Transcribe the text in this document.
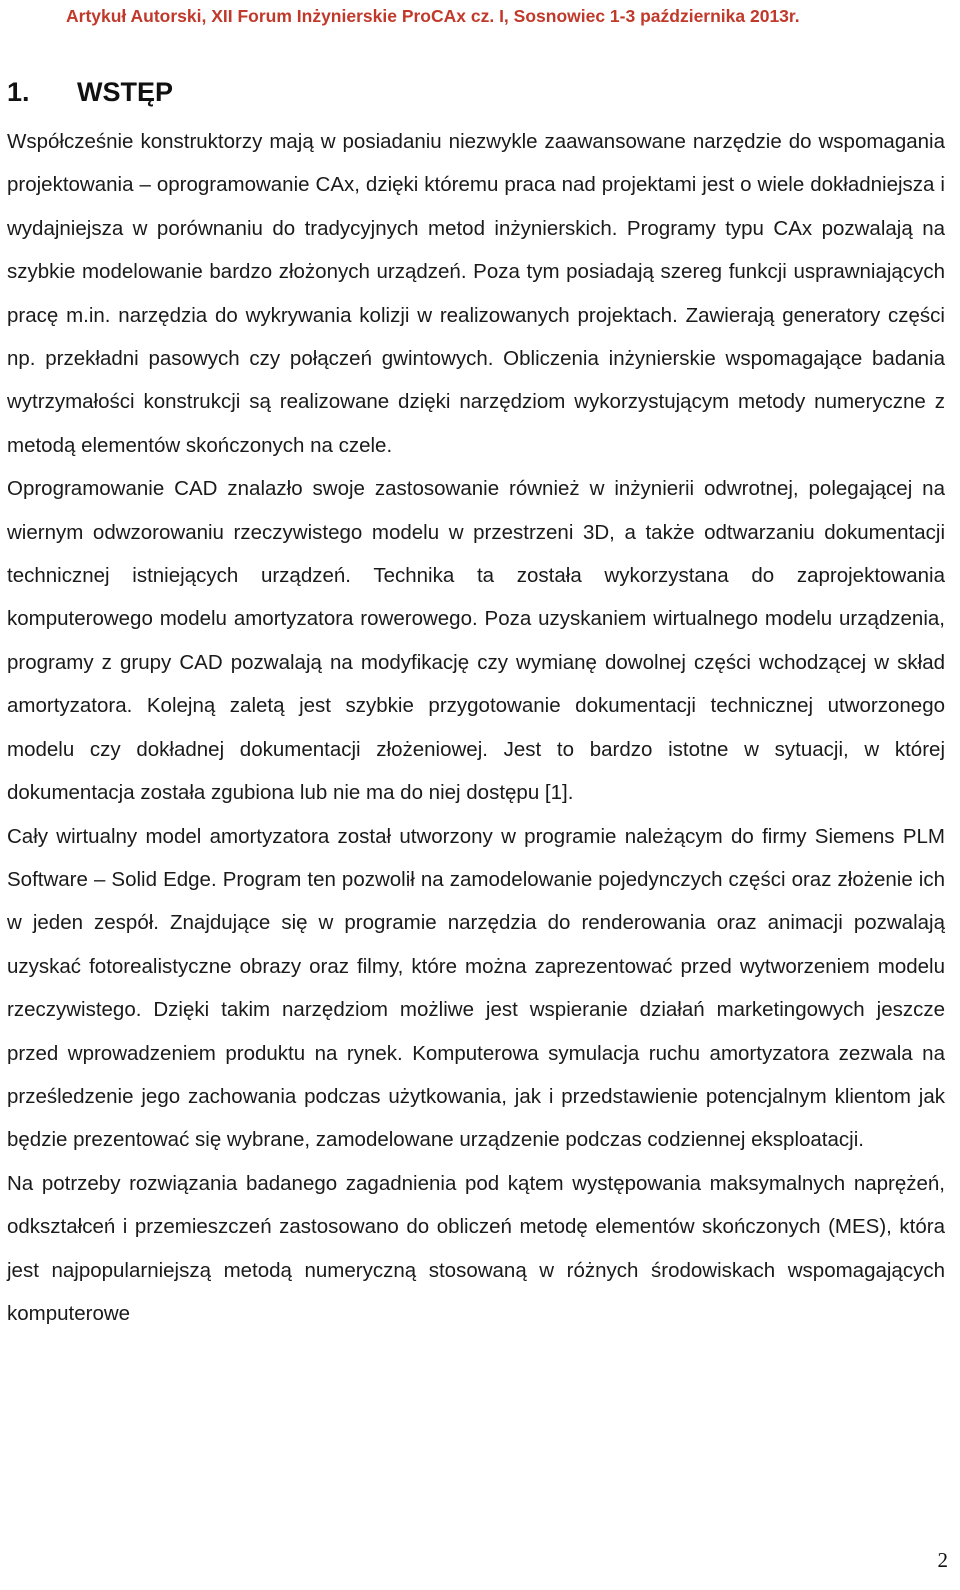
Artykuł Autorski, XII Forum Inżynierskie ProCAx cz. I, Sosnowiec 1-3 października 2013r.
1. WSTĘP

Współcześnie konstruktorzy mają w posiadaniu niezwykle zaawansowane narzędzie do wspomagania projektowania – oprogramowanie CAx, dzięki któremu praca nad projektami jest o wiele dokładniejsza i wydajniejsza w porównaniu do tradycyjnych metod inżynierskich. Programy typu CAx pozwalają na szybkie modelowanie bardzo złożonych urządzeń. Poza tym posiadają szereg funkcji usprawniających pracę m.in. narzędzia do wykrywania kolizji w realizowanych projektach. Zawierają generatory części np. przekładni pasowych czy połączeń gwintowych. Obliczenia inżynierskie wspomagające badania wytrzymałości konstrukcji są realizowane dzięki narzędziom wykorzystującym metody numeryczne z metodą elementów skończonych na czele.

Oprogramowanie CAD znalazło swoje zastosowanie również w inżynierii odwrotnej, polegającej na wiernym odwzorowaniu rzeczywistego modelu w przestrzeni 3D, a także odtwarzaniu dokumentacji technicznej istniejących urządzeń. Technika ta została wykorzystana do zaprojektowania komputerowego modelu amortyzatora rowerowego. Poza uzyskaniem wirtualnego modelu urządzenia, programy z grupy CAD pozwalają na modyfikację czy wymianę dowolnej części wchodzącej w skład amortyzatora. Kolejną zaletą jest szybkie przygotowanie dokumentacji technicznej utworzonego modelu czy dokładnej dokumentacji złożeniowej. Jest to bardzo istotne w sytuacji, w której dokumentacja została zgubiona lub nie ma do niej dostępu [1].

Cały wirtualny model amortyzatora został utworzony w programie należącym do firmy Siemens PLM Software – Solid Edge. Program ten pozwolił na zamodelowanie pojedynczych części oraz złożenie ich w jeden zespół. Znajdujące się w programie narzędzia do renderowania oraz animacji pozwalają uzyskać fotorealistyczne obrazy oraz filmy, które można zaprezentować przed wytworzeniem modelu rzeczywistego. Dzięki takim narzędziom możliwe jest wspieranie działań marketingowych jeszcze przed wprowadzeniem produktu na rynek. Komputerowa symulacja ruchu amortyzatora zezwala na prześledzenie jego zachowania podczas użytkowania, jak i przedstawienie potencjalnym klientom jak będzie prezentować się wybrane, zamodelowane urządzenie podczas codziennej eksploatacji.

Na potrzeby rozwiązania badanego zagadnienia pod kątem występowania maksymalnych naprężeń, odkształceń i przemieszczeń zastosowano do obliczeń metodę elementów skończonych (MES), która jest najpopularniejszą metodą numeryczną stosowaną w różnych środowiskach wspomagających komputerowe

2
